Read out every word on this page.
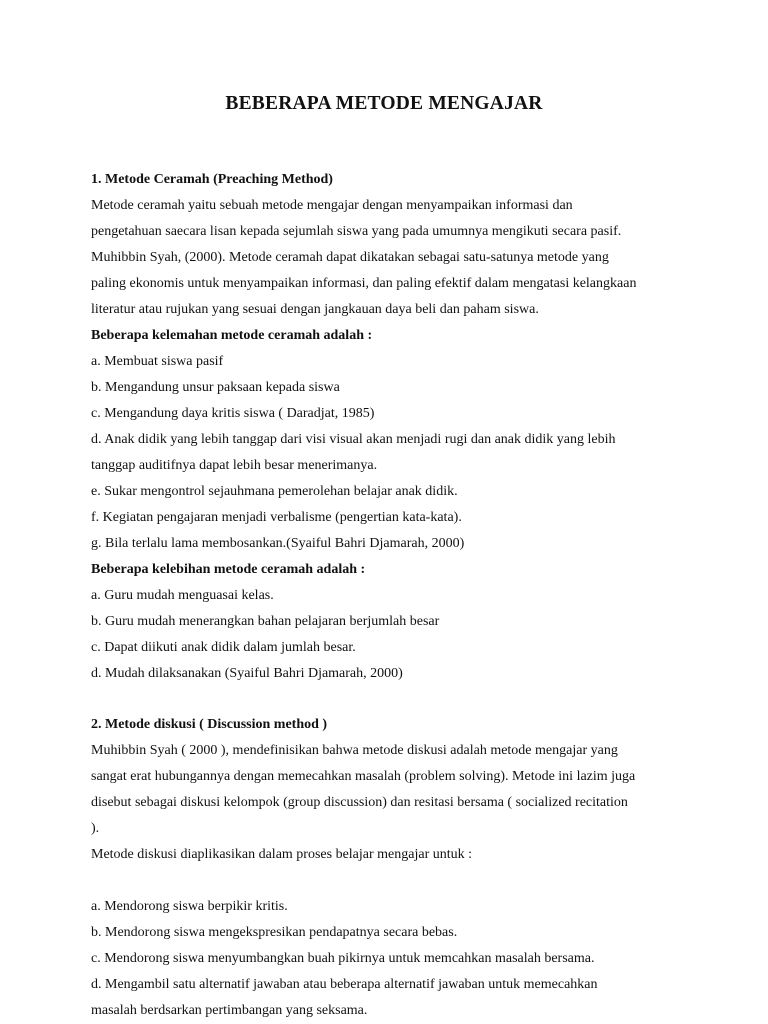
BEBERAPA METODE MENGAJAR
1. Metode Ceramah (Preaching Method)
Metode ceramah yaitu sebuah metode mengajar dengan menyampaikan informasi dan
pengetahuan saecara lisan kepada sejumlah siswa yang pada umumnya mengikuti secara pasif.
Muhibbin Syah, (2000). Metode ceramah dapat dikatakan sebagai satu-satunya metode yang
paling ekonomis untuk menyampaikan informasi, dan paling efektif dalam mengatasi kelangkaan
literatur atau rujukan yang sesuai dengan jangkauan daya beli dan paham siswa.
Beberapa kelemahan metode ceramah adalah :
a. Membuat siswa pasif
b. Mengandung unsur paksaan kepada siswa
c. Mengandung daya kritis siswa ( Daradjat, 1985)
d. Anak didik yang lebih tanggap dari visi visual akan menjadi rugi dan anak didik yang lebih
tanggap auditifnya dapat lebih besar menerimanya.
e. Sukar mengontrol sejauhmana pemerolehan belajar anak didik.
f. Kegiatan pengajaran menjadi verbalisme (pengertian kata-kata).
g. Bila terlalu lama membosankan.(Syaiful Bahri Djamarah, 2000)
Beberapa kelebihan metode ceramah adalah :
a. Guru mudah menguasai kelas.
b. Guru mudah menerangkan bahan pelajaran berjumlah besar
c. Dapat diikuti anak didik dalam jumlah besar.
d. Mudah dilaksanakan (Syaiful Bahri Djamarah, 2000)
2. Metode diskusi ( Discussion method )
Muhibbin Syah ( 2000 ), mendefinisikan bahwa metode diskusi adalah metode mengajar yang
sangat erat hubungannya dengan memecahkan masalah (problem solving). Metode ini lazim juga
disebut sebagai diskusi kelompok (group discussion) dan resitasi bersama ( socialized recitation
).
Metode diskusi diaplikasikan dalam proses belajar mengajar untuk :
a. Mendorong siswa berpikir kritis.
b. Mendorong siswa mengekspresikan pendapatnya secara bebas.
c. Mendorong siswa menyumbangkan buah pikirnya untuk memcahkan masalah bersama.
d. Mengambil satu alternatif jawaban atau beberapa alternatif jawaban untuk memecahkan
masalah berdsarkan pertimbangan yang seksama.
